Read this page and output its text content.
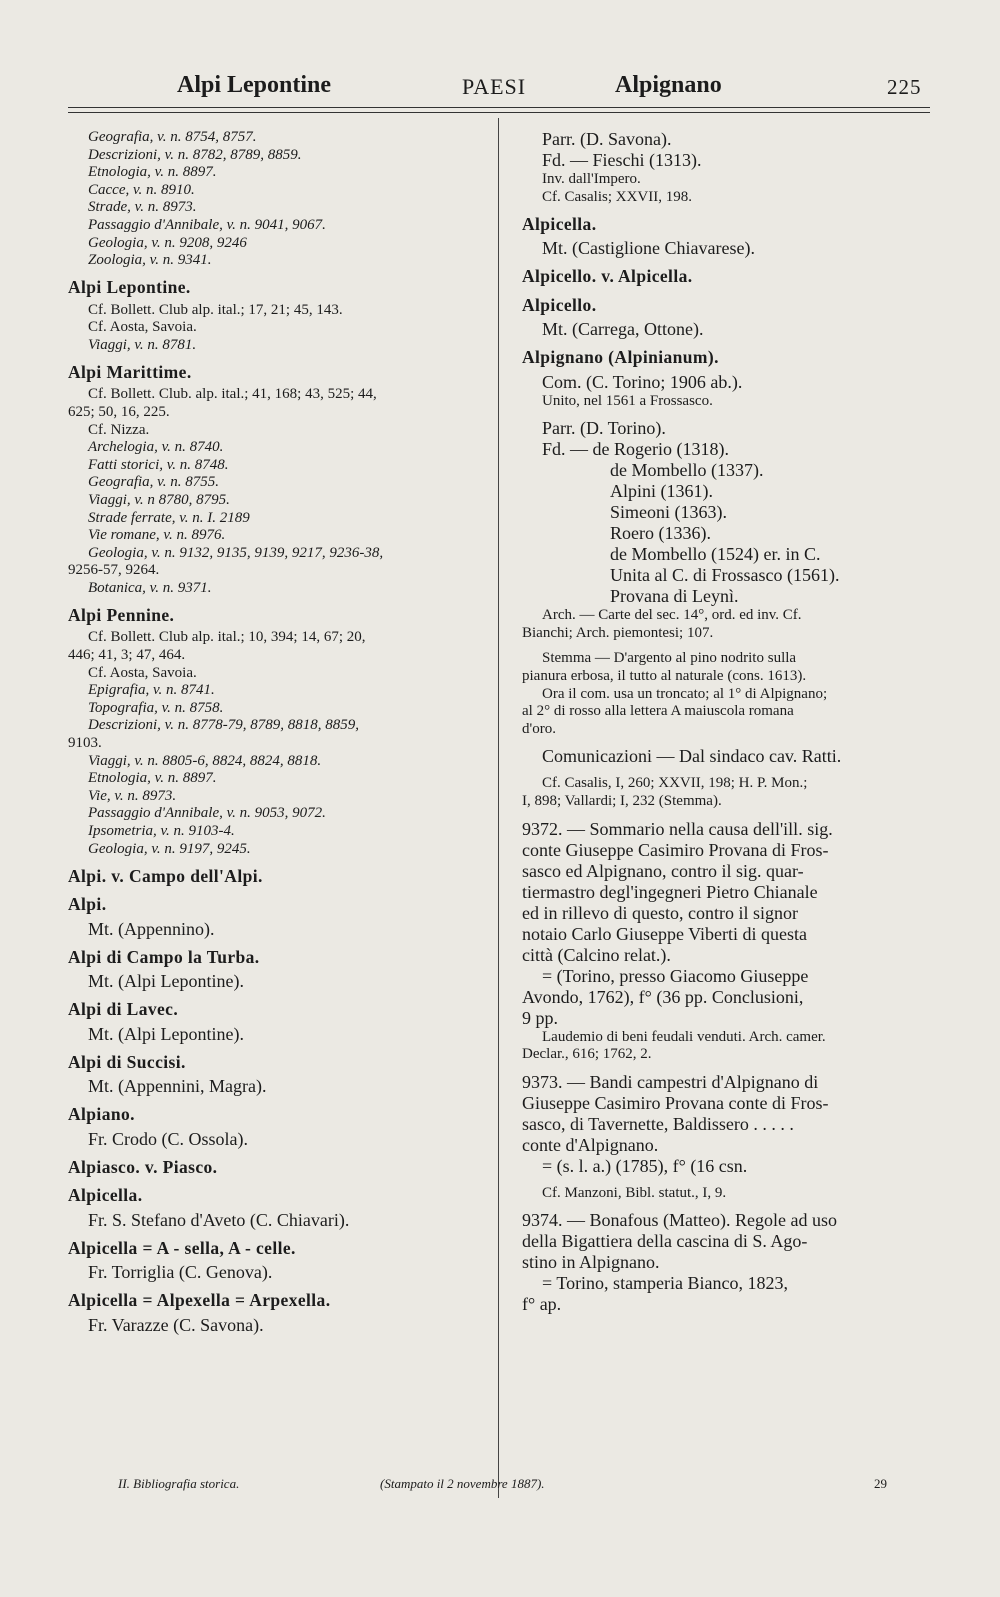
Alpi Lepontine	PAESI	Alpignano	225
Geografia, v. n. 8754, 8757.
Descrizioni, v. n. 8782, 8789, 8859.
Etnologia, v. n. 8897.
Cacce, v. n. 8910.
Strade, v. n. 8973.
Passaggio d'Annibale, v. n. 9041, 9067.
Geologia, v. n. 9208, 9246
Zoologia, v. n. 9341.
Alpi Lepontine.
Cf. Bollett. Club alp. ital.; 17, 21; 45, 143.
Cf. Aosta, Savoia.
Viaggi, v. n. 8781.
Alpi Marittime.
Cf. Bollett. Club. alp. ital.; 41, 168; 43, 525; 44,
625; 50, 16, 225.
Cf. Nizza.
Archelogia, v. n. 8740.
Fatti storici, v. n. 8748.
Geografia, v. n. 8755.
Viaggi, v. n 8780, 8795.
Strade ferrate, v. n. I. 2189
Vie romane, v. n. 8976.
Geologia, v. n. 9132, 9135, 9139, 9217, 9236-38,
9256-57, 9264.
Botanica, v. n. 9371.
Alpi Pennine.
Cf. Bollett. Club alp. ital.; 10, 394; 14, 67; 20,
446; 41, 3; 47, 464.
Cf. Aosta, Savoia.
Epigrafia, v. n. 8741.
Topografia, v. n. 8758.
Descrizioni, v. n. 8778-79, 8789, 8818, 8859,
9103.
Viaggi, v. n. 8805-6, 8824, 8824, 8818.
Etnologia, v. n. 8897.
Vie, v. n. 8973.
Passaggio d'Annibale, v. n. 9053, 9072.
Ipsometria, v. n. 9103-4.
Geologia, v. n. 9197, 9245.
Alpi. v. Campo dell'Alpi.
Alpi.
Mt. (Appennino).
Alpi di Campo la Turba.
Mt. (Alpi Lepontine).
Alpi di Lavec.
Mt. (Alpi Lepontine).
Alpi di Succisi.
Mt. (Appennini, Magra).
Alpiano.
Fr. Crodo (C. Ossola).
Alpiasco. v. Piasco.
Alpicella.
Fr. S. Stefano d'Aveto (C. Chiavari).
Alpicella = A - sella, A - celle.
Fr. Torriglia (C. Genova).
Alpicella = Alpexella = Arpexella.
Fr. Varazze (C. Savona).
Parr. (D. Savona).
Fd. — Fieschi (1313).
Inv. dall'Impero.
Cf. Casalis; XXVII, 198.
Alpicella.
Mt. (Castiglione Chiavarese).
Alpicello. v. Alpicella.
Alpicello.
Mt. (Carrega, Ottone).
Alpignano (Alpinianum).
Com. (C. Torino; 1906 ab.).
Unito, nel 1561 a Frossasco.
Parr. (D. Torino).
Fd. — de Rogerio (1318).
de Mombello (1337).
Alpini (1361).
Simeoni (1363).
Roero (1336).
de Mombello (1524) er. in C.
Unita al C. di Frossasco (1561).
Provana di Leynì.
Arch. — Carte del sec. 14°, ord. ed inv. Cf.
Bianchi; Arch. piemontesi; 107.
Stemma — D'argento al pino nodrito sulla
pianura erbosa, il tutto al naturale (cons. 1613).
Ora il com. usa un troncato; al 1° di Alpignano;
al 2° di rosso alla lettera A maiuscola romana
d'oro.
Comunicazioni — Dal sindaco cav. Ratti.
Cf. Casalis, I, 260; XXVII, 198; H. P. Mon.;
I, 898; Vallardi; I, 232 (Stemma).
9372. — Sommario nella causa dell'ill. sig.
conte Giuseppe Casimiro Provana di Fros-
sasco ed Alpignano, contro il sig. quar-
tiermastro degl'ingegneri Pietro Chianale
ed in rillevo di questo, contro il signor
notaio Carlo Giuseppe Viberti di questa
città (Calcino relat.).
= (Torino, presso Giacomo Giuseppe
Avondo, 1762), f° (36 pp. Conclusioni,
9 pp.
Laudemio di beni feudali venduti. Arch. camer.
Declar., 616; 1762, 2.
9373. — Bandi campestri d'Alpignano di
Giuseppe Casimiro Provana conte di Fros-
sasco, di Tavernette, Baldissero . . . . .
conte d'Alpignano.
= (s. l. a.) (1785), f° (16 csn.
Cf. Manzoni, Bibl. statut., I, 9.
9374. — Bonafous (Matteo). Regole ad uso
della Bigattiera della cascina di S. Ago-
stino in Alpignano.
= Torino, stamperia Bianco, 1823,
f° ap.
II. Bibliografia storica.	(Stampato il 2 novembre 1887).	29
